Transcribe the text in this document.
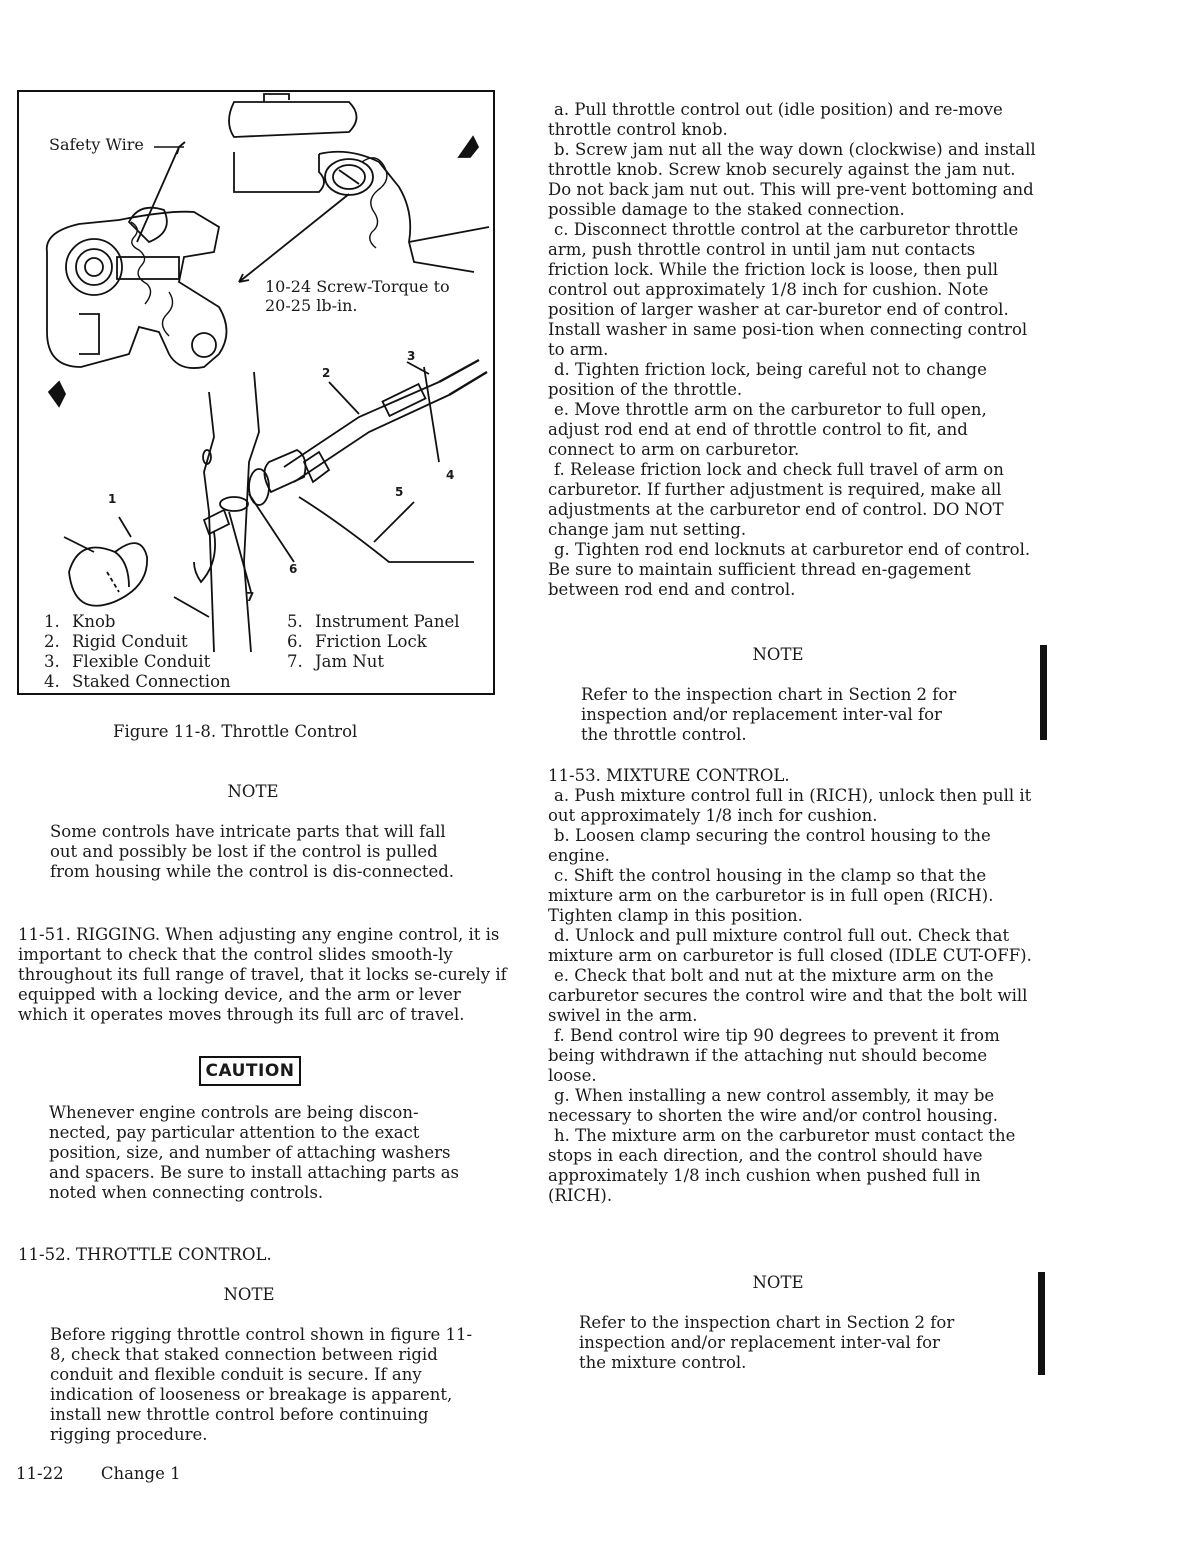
Safety Wire
10-24 Screw-Torque to
20-25 lb-in.
1
2
3
4
5
6
7
1. Knob
2. Rigid Conduit
3. Flexible Conduit
4. Staked Connection
5. Instrument Panel
6. Friction Lock
7. Jam Nut
Figure 11-8. Throttle Control
NOTE

Some controls have intricate parts that will fall out and possibly be lost if the control is pulled from housing while the control is dis-connected.

11-51. RIGGING. When adjusting any engine control, it is important to check that the control slides smooth-ly throughout its full range of travel, that it locks se-curely if equipped with a locking device, and the arm or lever which it operates moves through its full arc of travel.

CAUTION

Whenever engine controls are being discon-nected, pay particular attention to the exact position, size, and number of attaching washers and spacers. Be sure to install attaching parts as noted when connecting controls.

11-52. THROTTLE CONTROL.
NOTE

Before rigging throttle control shown in figure 11-8, check that staked connection between rigid conduit and flexible conduit is secure. If any indication of looseness or breakage is apparent, install new throttle control before continuing rigging procedure.

a. Pull throttle control out (idle position) and re-move throttle control knob.

b. Screw jam nut all the way down (clockwise) and install throttle knob. Screw knob securely against the jam nut. Do not back jam nut out. This will pre-vent bottoming and possible damage to the staked connection.

c. Disconnect throttle control at the carburetor throttle arm, push throttle control in until jam nut contacts friction lock. While the friction lock is loose, then pull control out approximately 1/8 inch for cushion. Note position of larger washer at car-buretor end of control. Install washer in same posi-tion when connecting control to arm.

d. Tighten friction lock, being careful not to change position of the throttle.

e. Move throttle arm on the carburetor to full open, adjust rod end at end of throttle control to fit, and connect to arm on carburetor.

f. Release friction lock and check full travel of arm on carburetor. If further adjustment is required, make all adjustments at the carburetor end of control. DO NOT change jam nut setting.

g. Tighten rod end locknuts at carburetor end of control. Be sure to maintain sufficient thread en-gagement between rod end and control.

NOTE

Refer to the inspection chart in Section 2 for inspection and/or replacement inter-val for the throttle control.

11-53. MIXTURE CONTROL.

a. Push mixture control full in (RICH), unlock then pull it out approximately 1/8 inch for cushion.

b. Loosen clamp securing the control housing to the engine.

c. Shift the control housing in the clamp so that the mixture arm on the carburetor is in full open (RICH). Tighten clamp in this position.

d. Unlock and pull mixture control full out. Check that mixture arm on carburetor is full closed (IDLE CUT-OFF).

e. Check that bolt and nut at the mixture arm on the carburetor secures the control wire and that the bolt will swivel in the arm.

f. Bend control wire tip 90 degrees to prevent it from being withdrawn if the attaching nut should become loose.

g. When installing a new control assembly, it may be necessary to shorten the wire and/or control housing.

h. The mixture arm on the carburetor must contact the stops in each direction, and the control should have approximately 1/8 inch cushion when pushed full in (RICH).

NOTE

Refer to the inspection chart in Section 2 for inspection and/or replacement inter-val for the mixture control.

11-22 Change 1
